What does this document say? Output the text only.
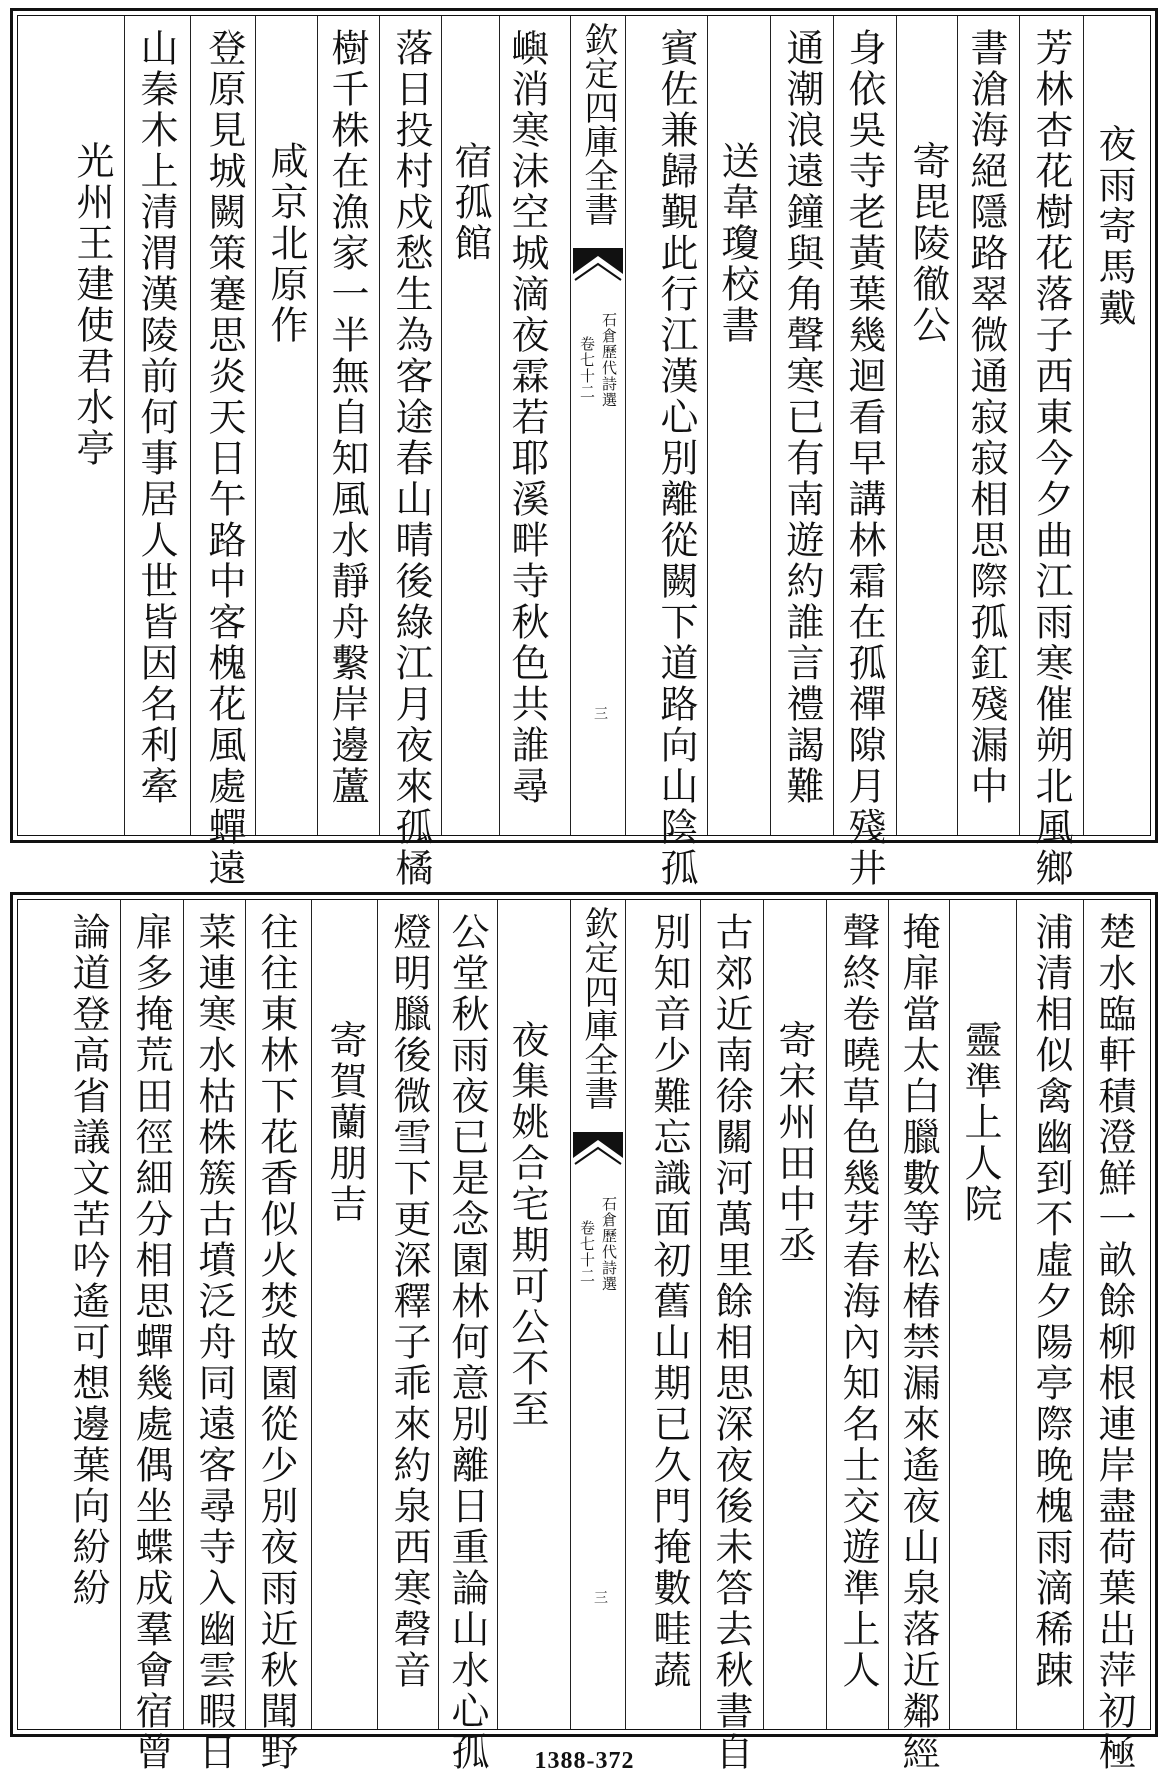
夜雨寄馬戴
芳林杏花樹花落子西東今夕曲江雨寒催朔北風鄉
書滄海絕隱路翠微通寂寂相思際孤釭殘漏中
寄毘陵徹公
身依吳寺老黃葉幾迴看早講林霜在孤禪隙月殘井
通潮浪遠鐘與角聲寒已有南遊約誰言禮謁難
送韋瓊校書
賓佐兼歸覲此行江漢心別離從闕下道路向山陰孤
嶼消寒沫空城滴夜霖若耶溪畔寺秋色共誰尋
宿孤館
落日投村戍愁生為客途春山晴後綠江月夜來孤橘
樹千株在漁家一半無自知風水靜舟繫岸邊蘆
咸京北原作
登原見城闕策蹇思炎天日午路中客槐花風處蟬遠
山秦木上清渭漢陵前何事居人世皆因名利牽
光州王建使君水亭
欽定四庫全書
石倉歷代詩選
卷七十二
三
楚水臨軒積澄鮮一畝餘柳根連岸盡荷葉出萍初極
浦清相似禽幽到不虛夕陽亭際晚槐雨滴稀踈
靈準上人院
掩扉當太白臘數等松椿禁漏來遙夜山泉落近鄰經
聲終卷曉草色幾芽春海內知名士交遊準上人
寄宋州田中丞
古郊近南徐關河萬里餘相思深夜後未答去秋書自
別知音少難忘識面初舊山期已久門掩數畦蔬
夜集姚合宅期可公不至
公堂秋雨夜已是念園林何意別離日重論山水心孤
燈明臘後微雪下更深釋子乖來約泉西寒磬音
寄賀蘭朋吉
往往東林下花香似火焚故園從少別夜雨近秋聞野
菜連寒水枯株簇古墳泛舟同遠客尋寺入幽雲暇日
扉多掩荒田徑細分相思蟬幾處偶坐蝶成羣會宿曾
論道登高省議文苦吟遙可想邊葉向紛紛	欽定四庫全書
石倉歷代詩選
卷七十二
三
1388-372
